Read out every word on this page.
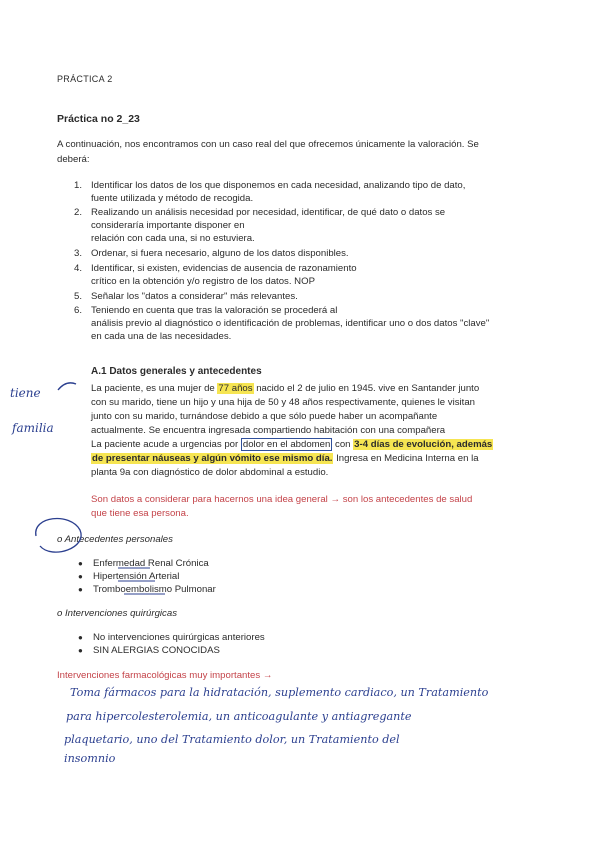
PRÁCTICA 2
Práctica no 2_23
A continuación, nos encontramos con un caso real del que ofrecemos únicamente la valoración. Se
deberá:
1. Identificar los datos de los que disponemos en cada necesidad, analizando tipo de dato,
fuente utilizada y método de recogida.
2. Realizando un análisis necesidad por necesidad, identificar, de qué dato o datos se
consideraría importante disponer en
relación con cada una, si no estuviera.
3. Ordenar, si fuera necesario, alguno de los datos disponibles.
4. Identificar, si existen, evidencias de ausencia de razonamiento
crítico en la obtención y/o registro de los datos. NOP
5. Señalar los "datos a considerar" más relevantes.
6. Teniendo en cuenta que tras la valoración se procederá al
análisis previo al diagnóstico o identificación de problemas, identificar uno o dos datos "clave"
en cada una de las necesidades.
A.1 Datos generales y antecedentes
La paciente, es una mujer de 77 años nacido el 2 de julio en 1945. vive en Santander junto
con su marido, tiene un hijo y una hija de 50 y 48 años respectivamente, quienes le visitan
junto con su marido, turnándose debido a que sólo puede haber un acompañante
actualmente. Se encuentra ingresada compartiendo habitación con una compañera
La paciente acude a urgencias por dolor en el abdomen con 3-4 días de evolución, además
de presentar náuseas y algún vómito ese mismo día. Ingresa en Medicina Interna en la
planta 9a con diagnóstico de dolor abdominal a estudio.
Son datos a considerar para hacernos una idea general → son los antecedentes de salud
que tiene esa persona.
o Antecedentes personales
● Enfermedad Renal Crónica
● Hipertensión Arterial
● Tromboembolismo Pulmonar
o Intervenciones quirúrgicas
● No intervenciones quirúrgicas anteriores
● SIN ALERGIAS CONOCIDAS
Intervenciones farmacológicas muy importantes →
Toma fármacos para la hidratación, suplemento cardiaco, un Tratamiento
para hipercolesterolemia, un anticoagulante y antiagregante
plaquetario, uno del Tratamiento dolor, un Tratamiento del
insomnio
tiene
familia
